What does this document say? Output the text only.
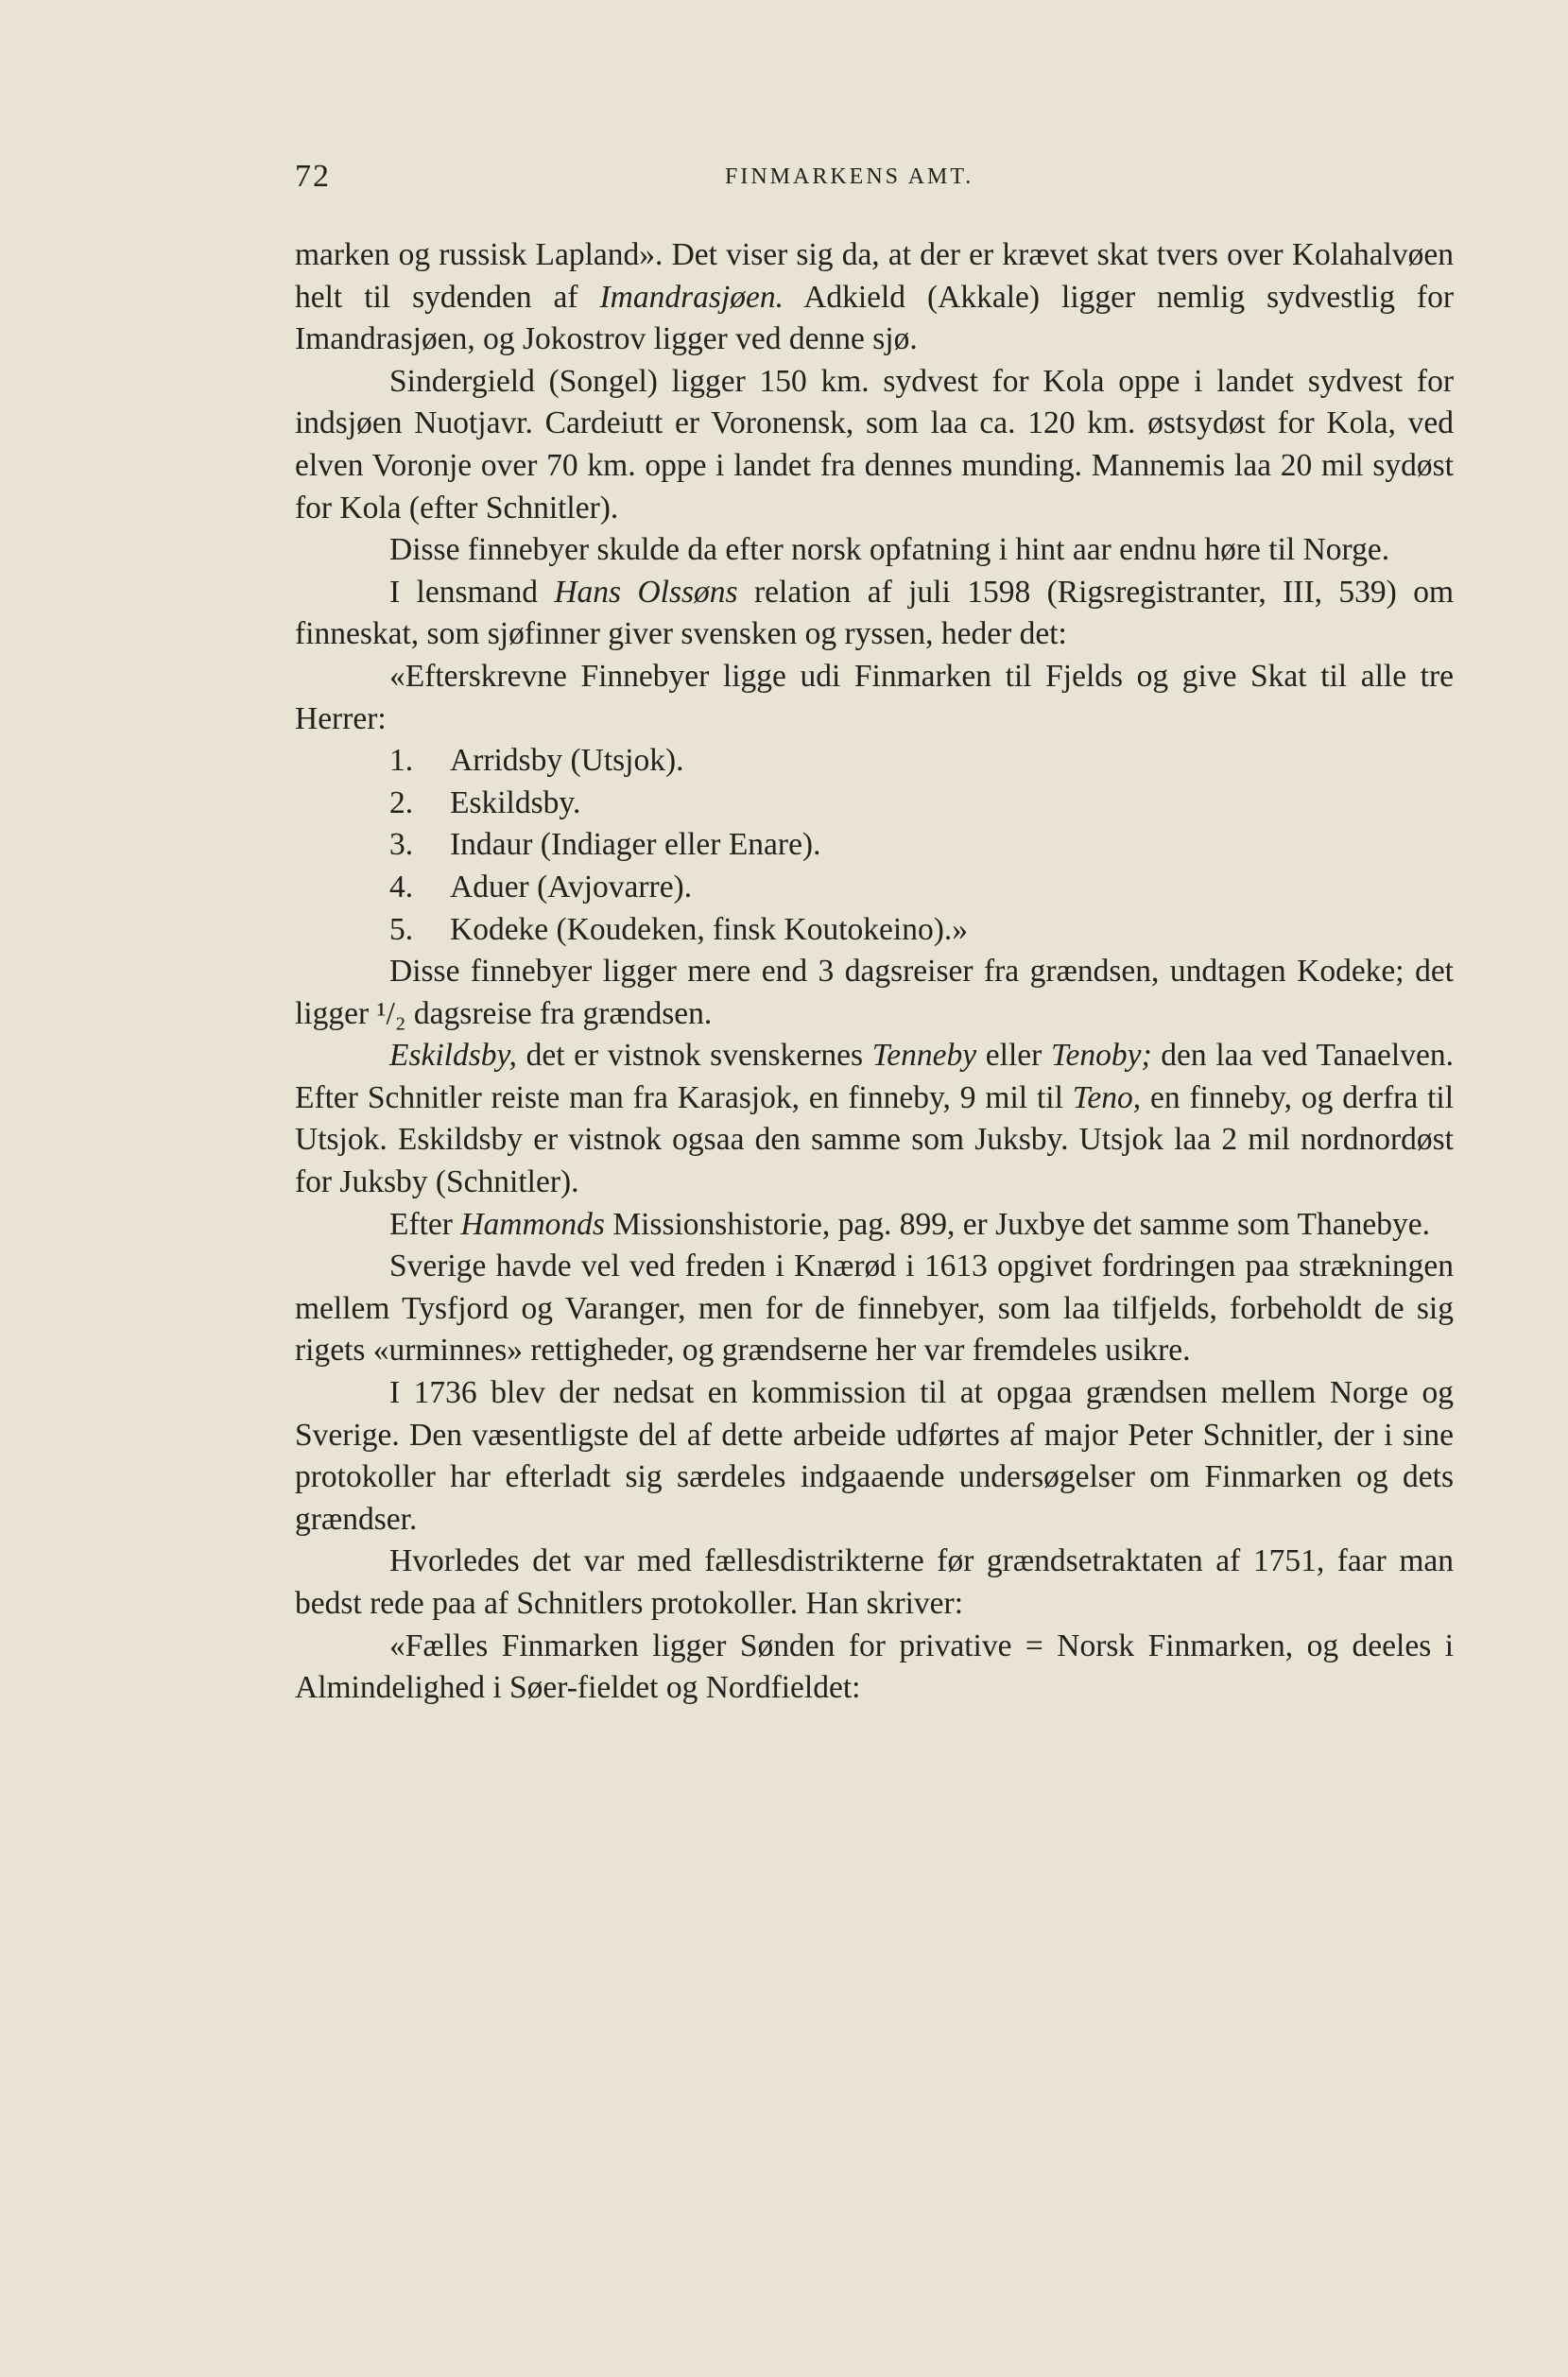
72	FINMARKENS AMT.

marken og russisk Lapland». Det viser sig da, at der er krævet skat tvers over Kolahalvøen helt til sydenden af Imandrasjøen. Adkield (Akkale) ligger nemlig sydvestlig for Imandrasjøen, og Jokostrov ligger ved denne sjø.

Sindergield (Songel) ligger 150 km. sydvest for Kola oppe i landet sydvest for indsjøen Nuotjavr. Cardeiutt er Voronensk, som laa ca. 120 km. østsydøst for Kola, ved elven Voronje over 70 km. oppe i landet fra dennes munding. Mannemis laa 20 mil sydøst for Kola (efter Schnitler).

Disse finnebyer skulde da efter norsk opfatning i hint aar endnu høre til Norge.

I lensmand Hans Olssøns relation af juli 1598 (Rigsregistranter, III, 539) om finneskat, som sjøfinner giver svensken og ryssen, heder det:

«Efterskrevne Finnebyer ligge udi Finmarken til Fjelds og give Skat til alle tre Herrer:

1. Arridsby (Utsjok).

2. Eskildsby.

3. Indaur (Indiager eller Enare).

4. Aduer (Avjovarre).

5. Kodeke (Koudeken, finsk Koutokeino).»

Disse finnebyer ligger mere end 3 dagsreiser fra grændsen, undtagen Kodeke; det ligger ¹/₂ dagsreise fra grændsen.

Eskildsby, det er vistnok svenskernes Tenneby eller Tenoby; den laa ved Tanaelven. Efter Schnitler reiste man fra Karasjok, en finneby, 9 mil til Teno, en finneby, og derfra til Utsjok. Eskildsby er vistnok ogsaa den samme som Juksby. Utsjok laa 2 mil nordnordøst for Juksby (Schnitler).

Efter Hammonds Missionshistorie, pag. 899, er Juxbye det samme som Thanebye.

Sverige havde vel ved freden i Knærød i 1613 opgivet fordringen paa strækningen mellem Tysfjord og Varanger, men for de finnebyer, som laa tilfjelds, forbeholdt de sig rigets «urminnes» rettigheder, og grændserne her var fremdeles usikre.

I 1736 blev der nedsat en kommission til at opgaa grændsen mellem Norge og Sverige. Den væsentligste del af dette arbeide udførtes af major Peter Schnitler, der i sine protokoller har efterladt sig særdeles indgaaende undersøgelser om Finmarken og dets grændser.

Hvorledes det var med fællesdistrikterne før grændsetraktaten af 1751, faar man bedst rede paa af Schnitlers protokoller. Han skriver:

«Fælles Finmarken ligger Sønden for privative = Norsk Finmarken, og deeles i Almindelighed i Søer-fieldet og Nordfieldet:
